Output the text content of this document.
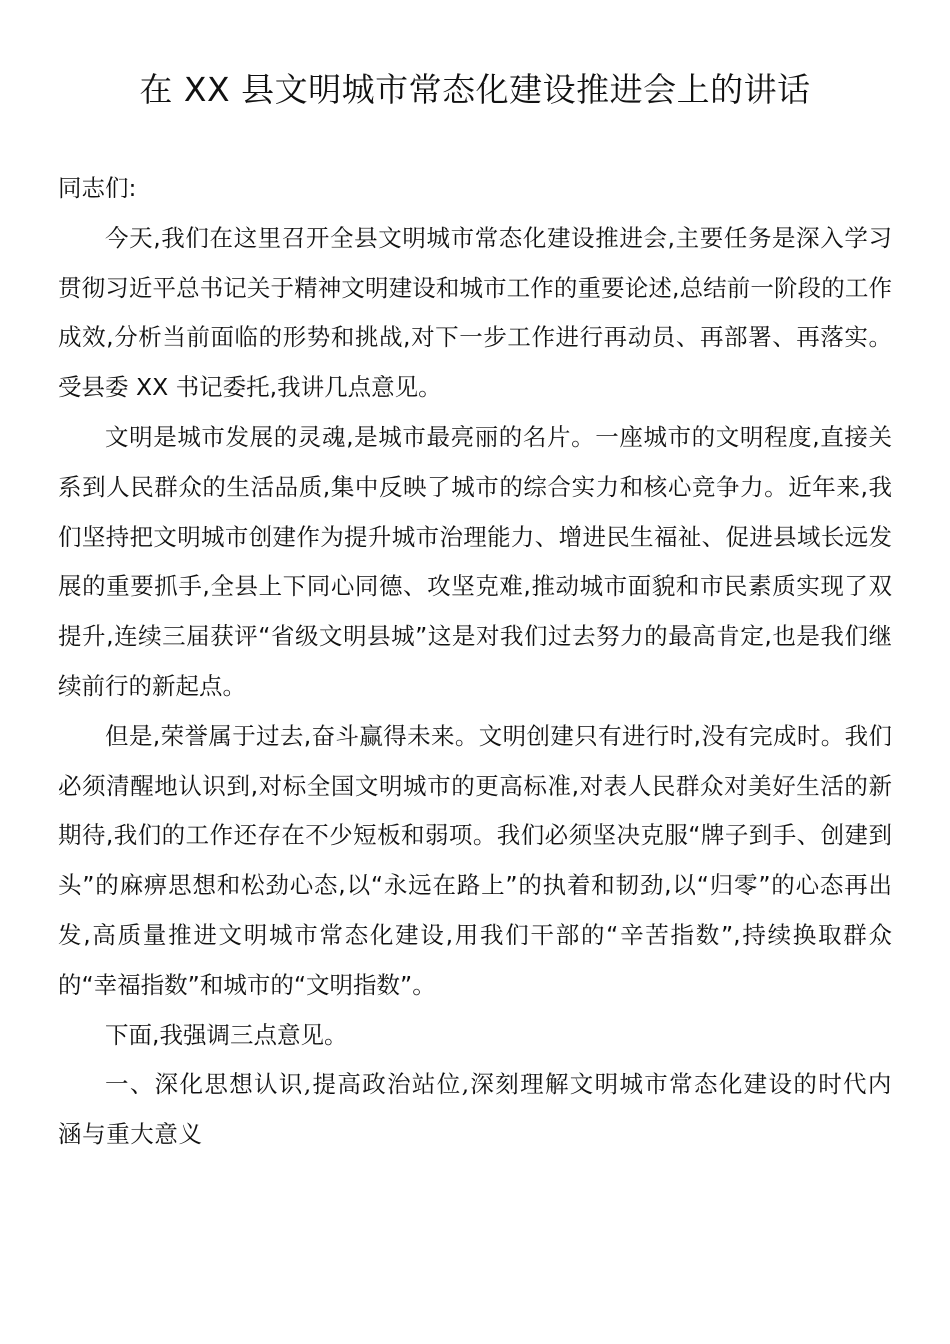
在 XX 县文明城市常态化建设推进会上的讲话

同志们:

今天,我们在这里召开全县文明城市常态化建设推进会,主要任务是深入学习贯彻习近平总书记关于精神文明建设和城市工作的重要论述,总结前一阶段的工作成效,分析当前面临的形势和挑战,对下一步工作进行再动员、再部署、再落实。受县委 XX 书记委托,我讲几点意见。

文明是城市发展的灵魂,是城市最亮丽的名片。一座城市的文明程度,直接关系到人民群众的生活品质,集中反映了城市的综合实力和核心竞争力。近年来,我们坚持把文明城市创建作为提升城市治理能力、增进民生福祉、促进县域长远发展的重要抓手,全县上下同心同德、攻坚克难,推动城市面貌和市民素质实现了双提升,连续三届获评“省级文明县城”这是对我们过去努力的最高肯定,也是我们继续前行的新起点。

但是,荣誉属于过去,奋斗赢得未来。文明创建只有进行时,没有完成时。我们必须清醒地认识到,对标全国文明城市的更高标准,对表人民群众对美好生活的新期待,我们的工作还存在不少短板和弱项。我们必须坚决克服“牌子到手、创建到头”的麻痹思想和松劲心态,以“永远在路上”的执着和韧劲,以“归零”的心态再出发,高质量推进文明城市常态化建设,用我们干部的“辛苦指数”,持续换取群众的“幸福指数”和城市的“文明指数”。

下面,我强调三点意见。

一、深化思想认识,提高政治站位,深刻理解文明城市常态化建设的时代内涵与重大意义
